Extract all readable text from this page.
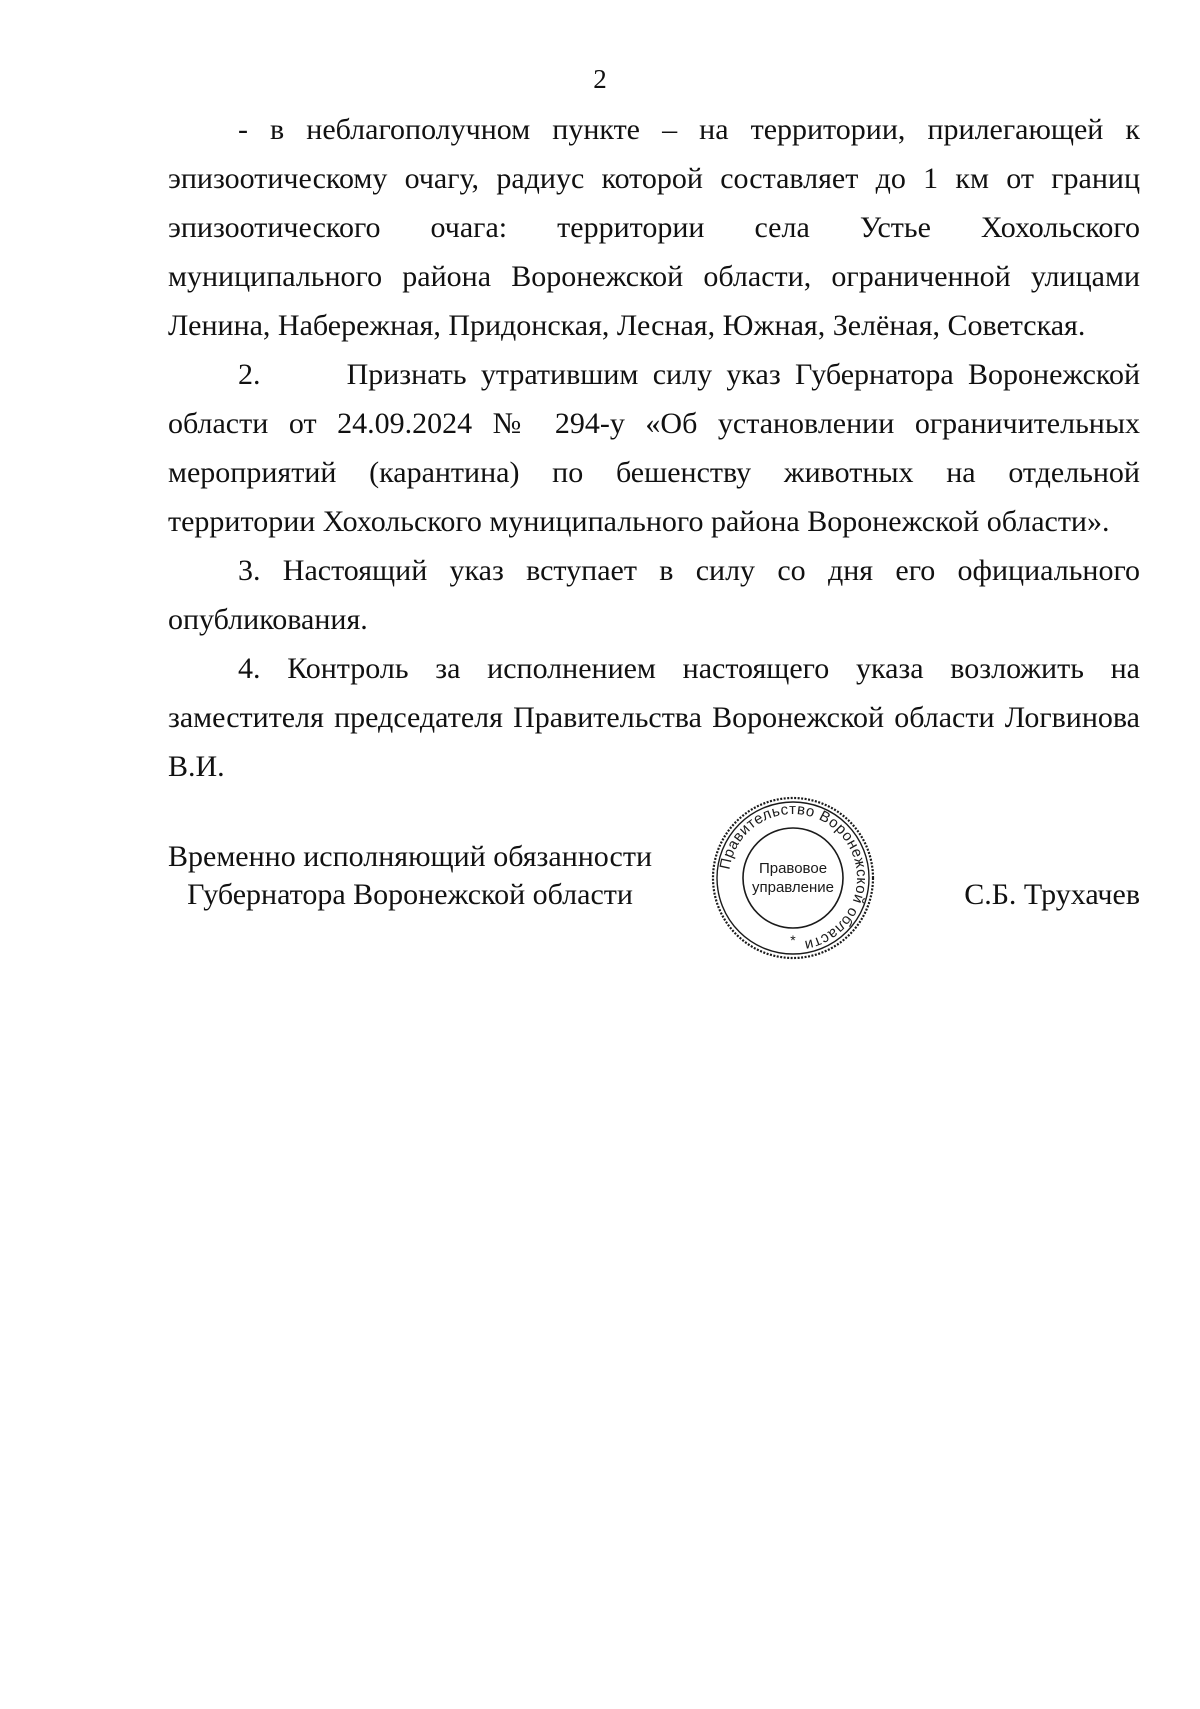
2

- в неблагополучном пункте – на территории, прилегающей к эпизоотическому очагу, радиус которой составляет до 1 км от границ эпизоотического очага: территории села Устье Хохольского муниципального района Воронежской области, ограниченной улицами Ленина, Набережная, Придонская, Лесная, Южная, Зелёная, Советская.

2.      Признать утратившим силу указ Губернатора Воронежской области от 24.09.2024 № 294-у «Об установлении ограничительных мероприятий (карантина) по бешенству животных на отдельной территории Хохольского муниципального района Воронежской области».

3. Настоящий указ вступает в силу со дня его официального опубликования.

4. Контроль за исполнением настоящего указа возложить на заместителя председателя Правительства Воронежской области Логвинова В.И.

Временно исполняющий обязанности
Губернатора Воронежской области
Правительство Воронежской области
Правовое
управление
*
С.Б. Трухачев
